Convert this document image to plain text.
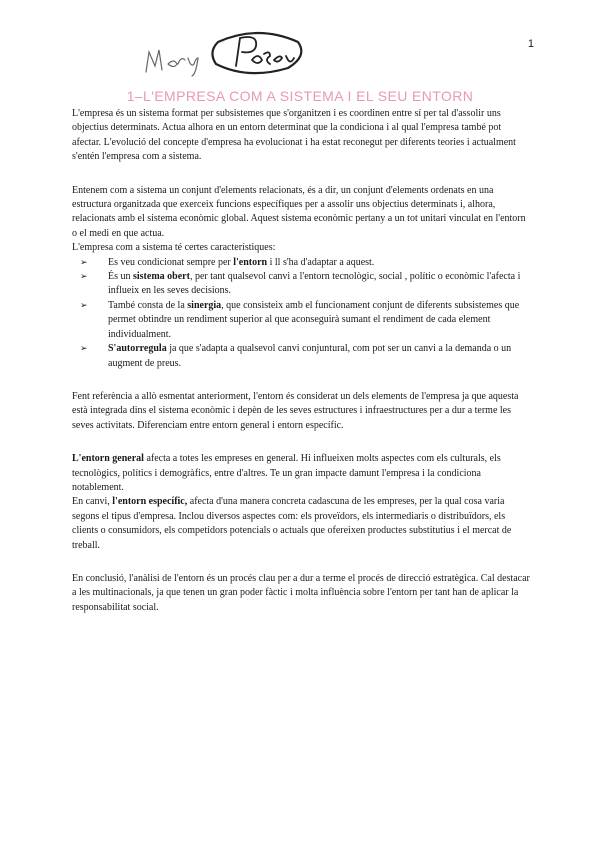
1
1–L'EMPRESA COM A SISTEMA I EL SEU ENTORN

L'empresa és un sistema format per subsistemes que s'organitzen i es coordinen entre sí per tal d'assolir uns objectius determinats. Actua alhora en un entorn determinat que la condiciona i al qual l'empresa també pot afectar. L'evolució del concepte d'empresa ha evolucionat i ha estat reconegut per diferents teories i actualment s'entén l'empresa com a sistema.

Entenem com a sistema un conjunt d'elements relacionats, és a dir, un conjunt d'elements ordenats en una estructura organitzada que exerceix funcions específiques per a assolir uns objectius determinats i, alhora, relacionats amb el sistema econòmic global. Aquest sistema econòmic pertany a un tot unitari vinculat en l'entorn o el medi en que actua.

L'empresa com a sistema té certes característiques:

➢ Es veu condicionat sempre per l'entorn i ll s'ha d'adaptar a aquest.
➢ És un sistema obert, per tant qualsevol canvi a l'entorn tecnològic, social , polític o econòmic l'afecta i influeix en les seves decisions.
➢ També consta de la sinergia, que consisteix amb el funcionament conjunt de diferents subsistemes que permet obtindre un rendiment superior al que aconseguirà sumant el rendiment de cada element individualment.
➢ S'autorregula ja que s'adapta a qualsevol canvi conjuntural, com pot ser un canvi a la demanda o un augment de preus.

Fent referència a allò esmentat anteriorment, l'entorn és considerat un dels elements de l'empresa ja que aquesta està integrada dins el sistema econòmic i depèn de les seves estructures i infraestructures per a dur a terme les seves activitats. Diferenciam entre entorn general i entorn específic.

L'entorn general afecta a totes les empreses en general. Hi influeixen molts aspectes com els culturals, els tecnològics, polítics i demogràfics, entre d'altres. Te un gran impacte damunt l'empresa i la condiciona notablement.

En canvi, l'entorn específic, afecta d'una manera concreta cadascuna de les empreses, per la qual cosa varia segons el tipus d'empresa. Inclou diversos aspectes com: els proveïdors, els intermediaris o distribuïdors, els clients o consumidors, els competidors potencials o actuals que ofereixen productes substitutius i el mercat de treball.

En conclusió, l'anàlisi de l'entorn és un procés clau per a dur a terme el procés de direcció estratègica. Cal destacar a les multinacionals, ja que tenen un gran poder fàctic i molta influència sobre l'entorn per tant han de aplicar la responsabilitat social.
